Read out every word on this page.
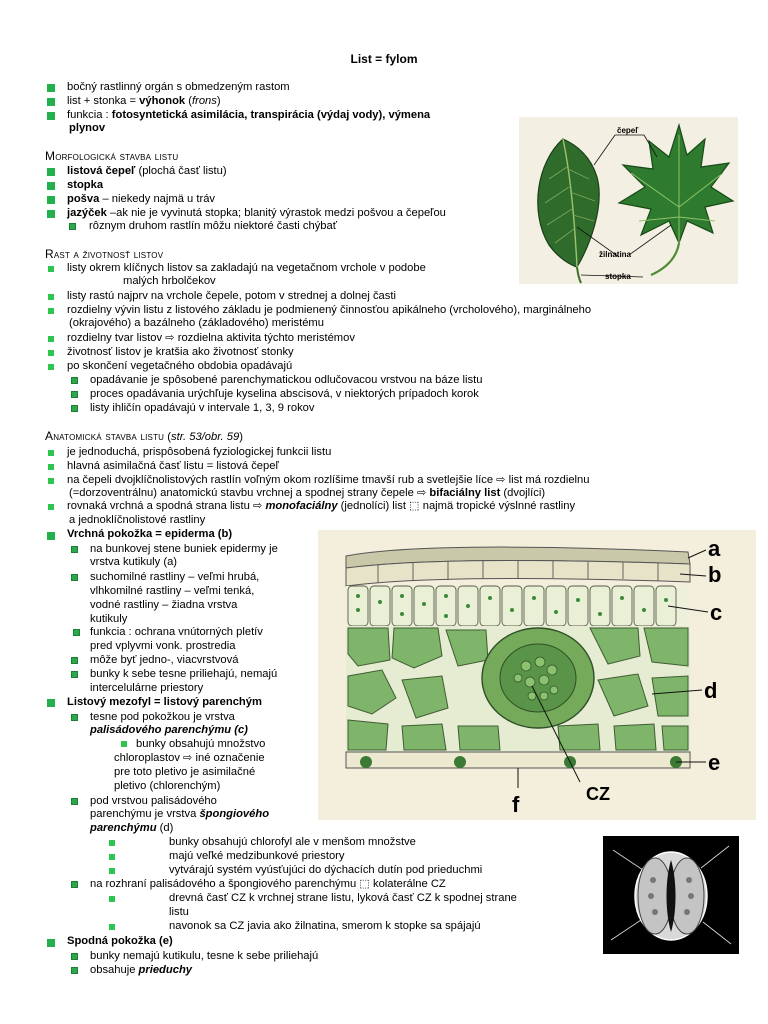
List = fylom
bočný rastlinný orgán s obmedzeným rastom
list + stonka = výhonok (frons)
funkcia : fotosyntetická asimilácia, transpirácia (výdaj vody), výmena
plynov	čepeľ
žilnatina
stopka
Morfologická stavba listu
listová čepeľ (plochá časť listu)
stopka
pošva – niekedy najmä u tráv
jazýček –ak nie je vyvinutá stopka; blanitý výrastok medzi pošvou a čepeľou
rôznym druhom rastlín môžu niektoré časti chýbať
Rast a životnosť listov
listy okrem klíčnych listov sa zakladajú na vegetačnom vrchole v podobe
malých hrbolčekov
listy rastú najprv na vrchole čepele, potom v strednej a dolnej časti
rozdielny vývin listu z listového základu je podmienený činnosťou apikálneho (vrcholového), marginálneho
(okrajového) a bazálneho (základového) meristému
rozdielny tvar listov ⇨ rozdielna aktivita týchto meristémov
životnosť listov je kratšia ako životnosť stonky
po skončení vegetačného obdobia opadávajú
opadávanie je spôsobené parenchymatickou odlučovacou vrstvou na báze listu
proces opadávania urýchľuje kyselina abscisová, v niektorých prípadoch korok
listy ihličín opadávajú v intervale 1, 3, 9 rokov
Anatomická stavba listu (str. 53/obr. 59)
je jednoduchá, prispôsobená fyziologickej funkcii listu
hlavná asimilačná časť listu = listová čepeľ
na čepeli dvojklíčnolistových rastlín voľným okom rozlíšime tmavší rub a svetlejšie líce ⇨ list má rozdielnu
(=dorzoventrálnu) anatomickú stavbu vrchnej a spodnej strany čepele ⇨ bifaciálny list (dvojlíci)
rovnaká vrchná a spodná strana listu ⇨ monofaciálny (jednolíci) list ⬚ najmä tropické výslnné rastliny
a jednoklíčnolistové rastliny
Vrchná pokožka = epiderma (b)
na bunkovej stene buniek epidermy je
vrstva kutikuly (a)
suchomilné rastliny – veľmi hrubá,
vlhkomilné rastliny – veľmi tenká,
vodné rastliny – žiadna vrstva
kutikuly
funkcia : ochrana vnútorných pletív
pred vplyvmi vonk. prostredia
môže byť jedno-, viacvrstvová
bunky k sebe tesne priliehajú, nemajú
intercelulárne priestory
Listový mezofyl = listový parenchým
tesne pod pokožkou je vrstva
palisádového parenchýmu (c)
bunky obsahujú množstvo
chloroplastov ⇨ iné označenie
pre toto pletivo je asimilačné
pletivo (chlorenchým)
pod vrstvou palisádového
parenchýmu je vrstva špongiového
parenchýmu (d)
bunky obsahujú chlorofyl ale v menšom množstve
majú veľké medzibunkové priestory
vytvárajú systém vyúsťujúci do dýchacích dutín pod prieduchmi
na rozhraní palisádového a špongiového parenchýmu ⬚ kolaterálne CZ
drevná časť CZ k vrchnej strane listu, lyková časť CZ k spodnej strane
listu
navonok sa CZ javia ako žilnatina, smerom k stopke sa spájajú
Spodná pokožka (e)
bunky nemajú kutikulu, tesne k sebe priliehajú
obsahuje prieduchy
a
b
c
d
e
f	CZ
